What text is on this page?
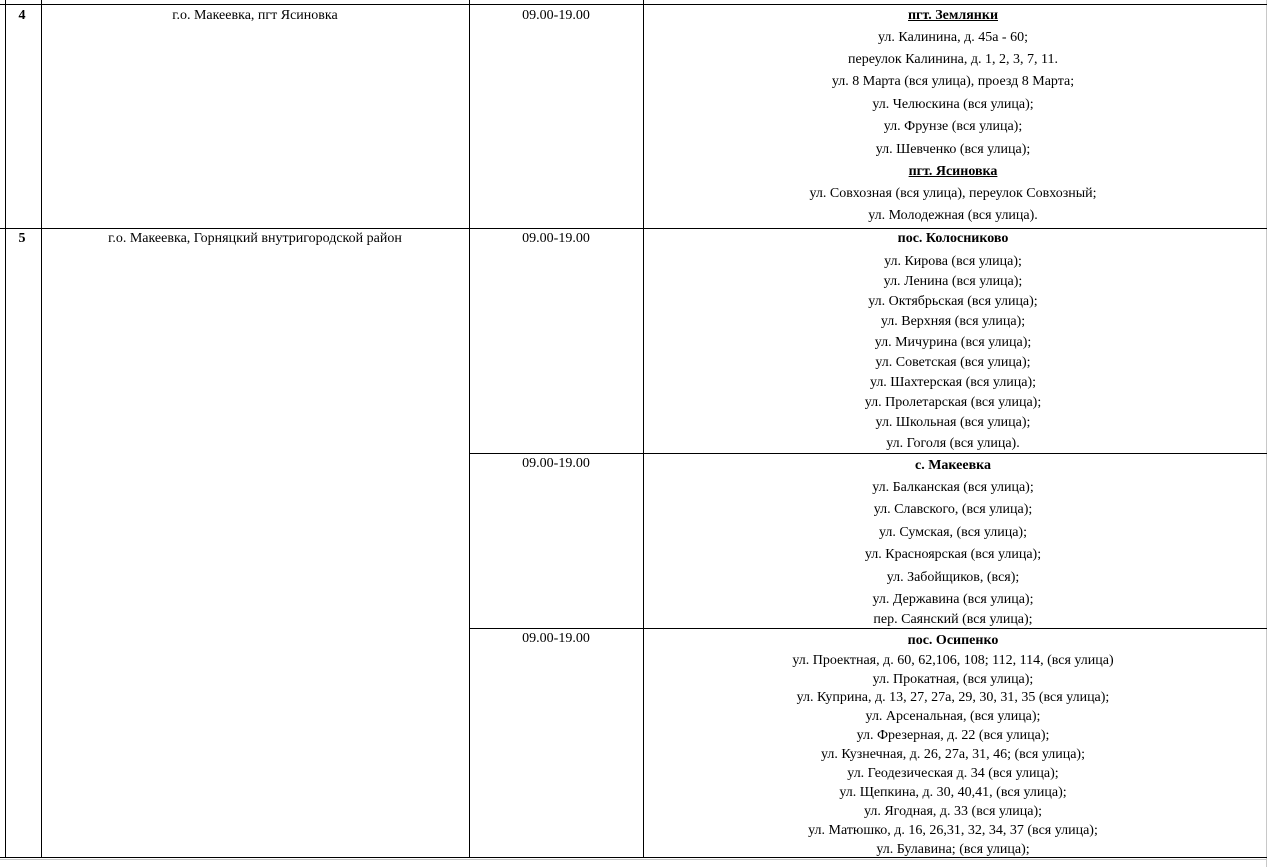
4	г.о. Макеевка, пгт Ясиновка	09.00-19.00	пгт. Землянки
ул. Калинина, д. 45а - 60;
переулок Калинина, д. 1, 2, 3, 7, 11.
ул. 8 Марта (вся улица), проезд 8 Марта;
ул. Челюскина (вся улица);
ул. Фрунзе (вся улица);
ул. Шевченко (вся улица);
пгт. Ясиновка
ул. Совхозная (вся улица), переулок Совхозный;
ул. Молодежная (вся улица).
5	г.о. Макеевка, Горняцкий внутригородской район	09.00-19.00	пос. Колосниково
ул. Кирова (вся улица);
ул. Ленина (вся улица);
ул. Октябрьская (вся улица);
ул. Верхняя (вся улица);
ул. Мичурина (вся улица);
ул. Советская (вся улица);
ул. Шахтерская (вся улица);
ул. Пролетарская (вся улица);
ул. Школьная (вся улица);
ул. Гоголя (вся улица).
09.00-19.00	с. Макеевка
ул. Балканская (вся улица);
ул. Славского, (вся улица);
ул. Сумская, (вся улица);
ул. Красноярская (вся улица);
ул. Забойщиков, (вся);
ул. Державина (вся улица);
пер. Саянский (вся улица);
09.00-19.00	пос. Осипенко
ул. Проектная, д. 60, 62,106, 108; 112, 114, (вся улица)
ул. Прокатная, (вся улица);
ул. Куприна, д. 13, 27, 27а, 29, 30, 31, 35 (вся улица);
ул. Арсенальная, (вся улица);
ул. Фрезерная, д. 22 (вся улица);
ул. Кузнечная, д. 26, 27а, 31, 46; (вся улица);
ул. Геодезическая д. 34 (вся улица);
ул. Щепкина, д. 30, 40,41, (вся улица);
ул. Ягодная, д. 33 (вся улица);
ул. Матюшко, д. 16, 26,31, 32, 34, 37 (вся улица);
ул. Булавина; (вся улица);
